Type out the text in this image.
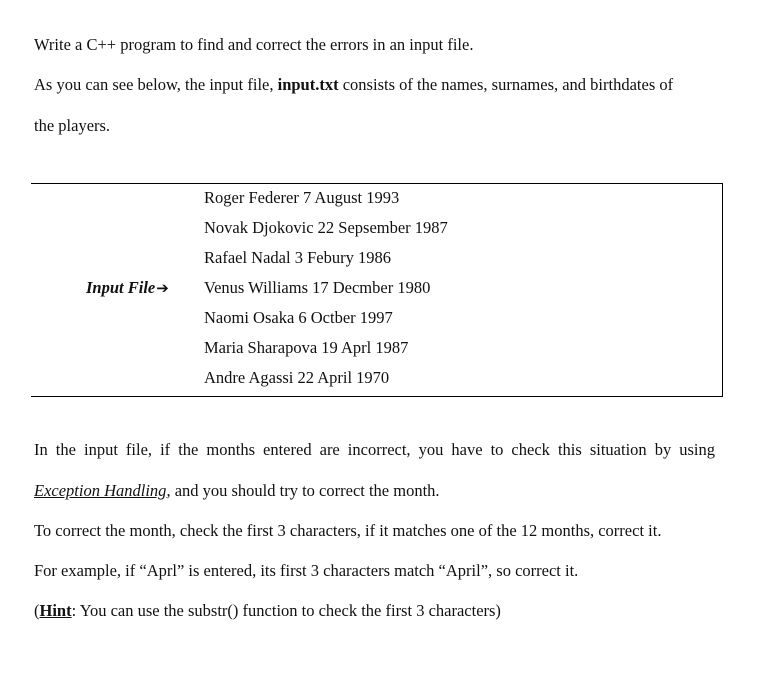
Write a C++ program to find and correct the errors in an input file.
As you can see below, the input file, input.txt consists of the names, surnames, and birthdates of
the players.
Input File➔
Roger Federer 7 August 1993
Novak Djokovic 22 Sepsember 1987
Rafael Nadal 3 Febury 1986
Venus Williams 17 Decmber 1980
Naomi Osaka 6 Octber 1997
Maria Sharapova 19 Aprl 1987
Andre Agassi 22 April 1970
In the input file, if the months entered are incorrect, you have to check this situation by using
Exception Handling, and you should try to correct the month.
To correct the month, check the first 3 characters, if it matches one of the 12 months, correct it.
For example, if “Aprl” is entered, its first 3 characters match “April”, so correct it.
(Hint: You can use the substr() function to check the first 3 characters)
